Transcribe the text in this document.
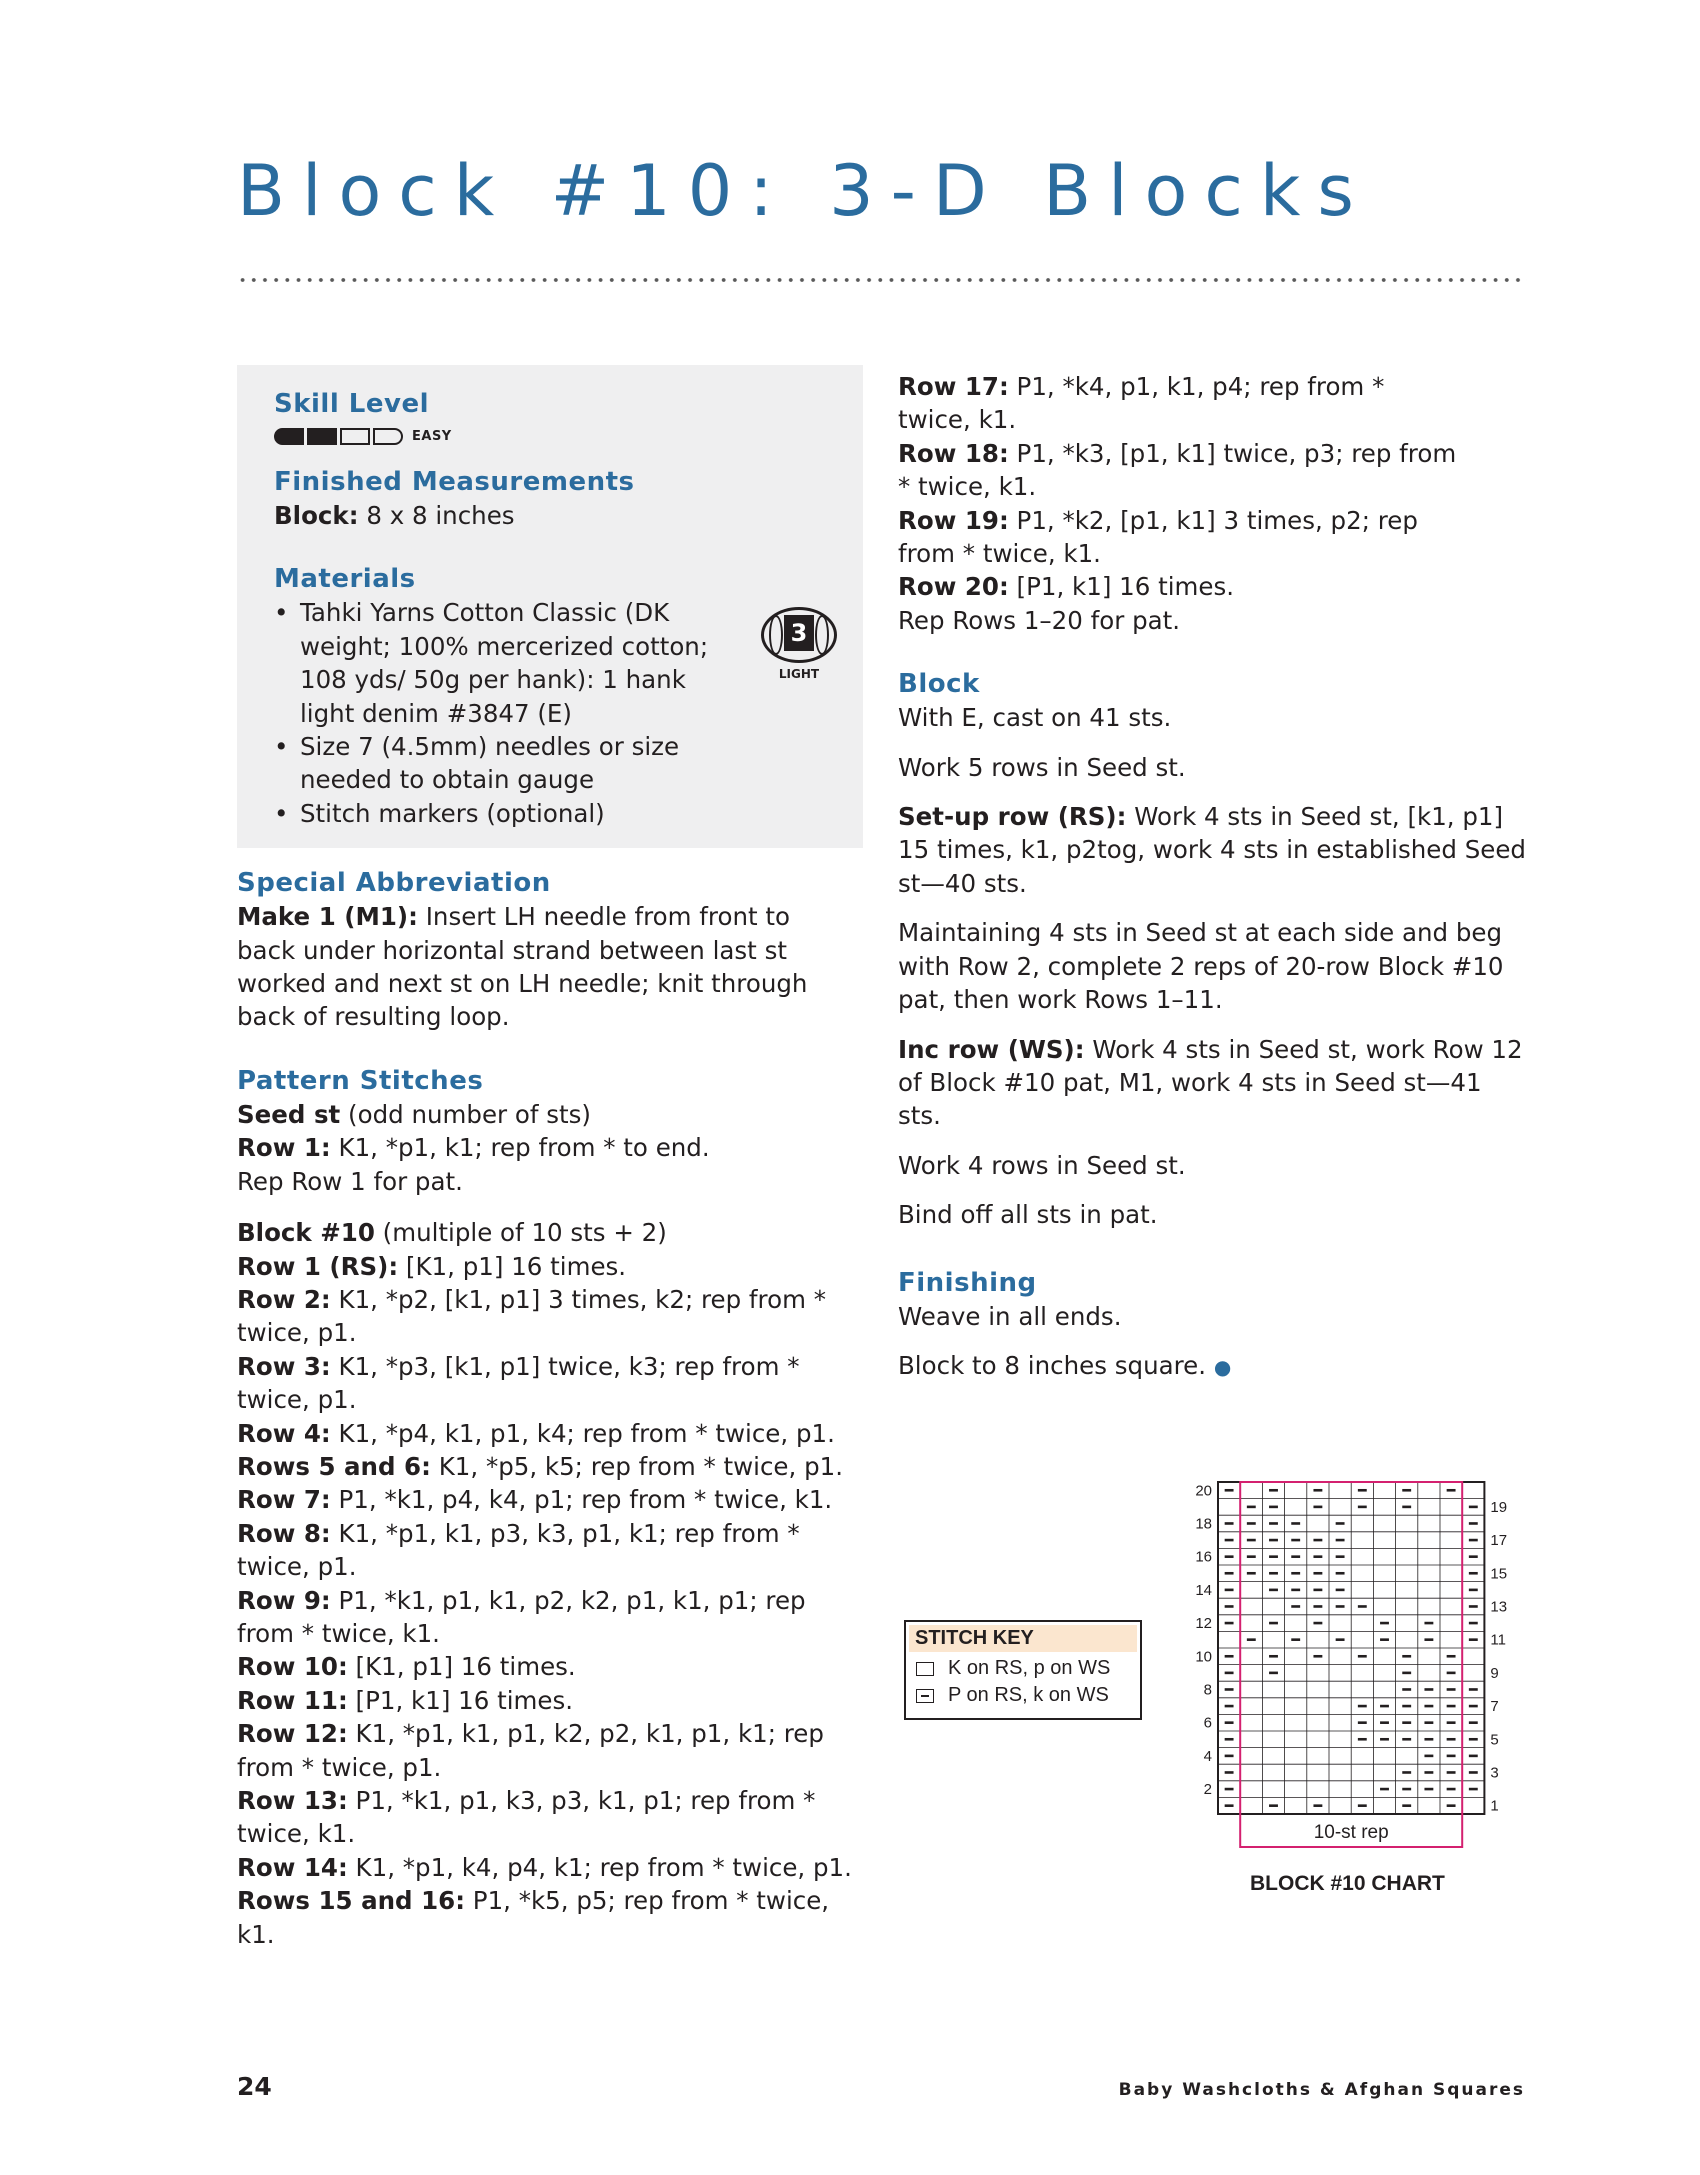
Block #10: 3-D Blocks
Skill Level
EASY
Finished Measurements
Block: 8 x 8 inches
Materials
• Tahki Yarns Cotton Classic (DK weight; 100% mercerized cotton; 108 yds/ 50g per hank): 1 hank light denim #3847 (E)
• Size 7 (4.5mm) needles or size needed to obtain gauge
• Stitch markers (optional)
3
LIGHT
Special Abbreviation
Make 1 (M1): Insert LH needle from front to back under horizontal strand between last st worked and next st on LH needle; knit through back of resulting loop.
Pattern Stitches
Seed st (odd number of sts)
Row 1: K1, *p1, k1; rep from * to end.
Rep Row 1 for pat.
Block #10 (multiple of 10 sts + 2)
Row 1 (RS): [K1, p1] 16 times.
Row 2: K1, *p2, [k1, p1] 3 times, k2; rep from * twice, p1.
Row 3: K1, *p3, [k1, p1] twice, k3; rep from * twice, p1.
Row 4: K1, *p4, k1, p1, k4; rep from * twice, p1.
Rows 5 and 6: K1, *p5, k5; rep from * twice, p1.
Row 7: P1, *k1, p4, k4, p1; rep from * twice, k1.
Row 8: K1, *p1, k1, p3, k3, p1, k1; rep from * twice, p1.
Row 9: P1, *k1, p1, k1, p2, k2, p1, k1, p1; rep from * twice, k1.
Row 10: [K1, p1] 16 times.
Row 11: [P1, k1] 16 times.
Row 12: K1, *p1, k1, p1, k2, p2, k1, p1, k1; rep from * twice, p1.
Row 13: P1, *k1, p1, k3, p3, k1, p1; rep from * twice, k1.
Row 14: K1, *p1, k4, p4, k1; rep from * twice, p1.
Rows 15 and 16: P1, *k5, p5; rep from * twice, k1.
Row 17: P1, *k4, p1, k1, p4; rep from * twice, k1.
Row 18: P1, *k3, [p1, k1] twice, p3; rep from * twice, k1.
Row 19: P1, *k2, [p1, k1] 3 times, p2; rep from * twice, k1.
Row 20: [P1, k1] 16 times.
Rep Rows 1–20 for pat.
Block
With E, cast on 41 sts.
Work 5 rows in Seed st.
Set-up row (RS): Work 4 sts in Seed st, [k1, p1] 15 times, k1, p2tog, work 4 sts in established Seed st—40 sts.
Maintaining 4 sts in Seed st at each side and beg with Row 2, complete 2 reps of 20-row Block #10 pat, then work Rows 1–11.
Inc row (WS): Work 4 sts in Seed st, work Row 12 of Block #10 pat, M1, work 4 sts in Seed st—41 sts.
Work 4 rows in Seed st.
Bind off all sts in pat.
Finishing
Weave in all ends.
Block to 8 inches square. ●
STITCH KEY
K on RS, p on WS
P on RS, k on WS
10-st rep
2
4
6
8
10
12
14
16
18
20
1
3
5
7
9
11
13
15
17
19
BLOCK #10 CHART
24	Baby Washcloths & Afghan Squares
